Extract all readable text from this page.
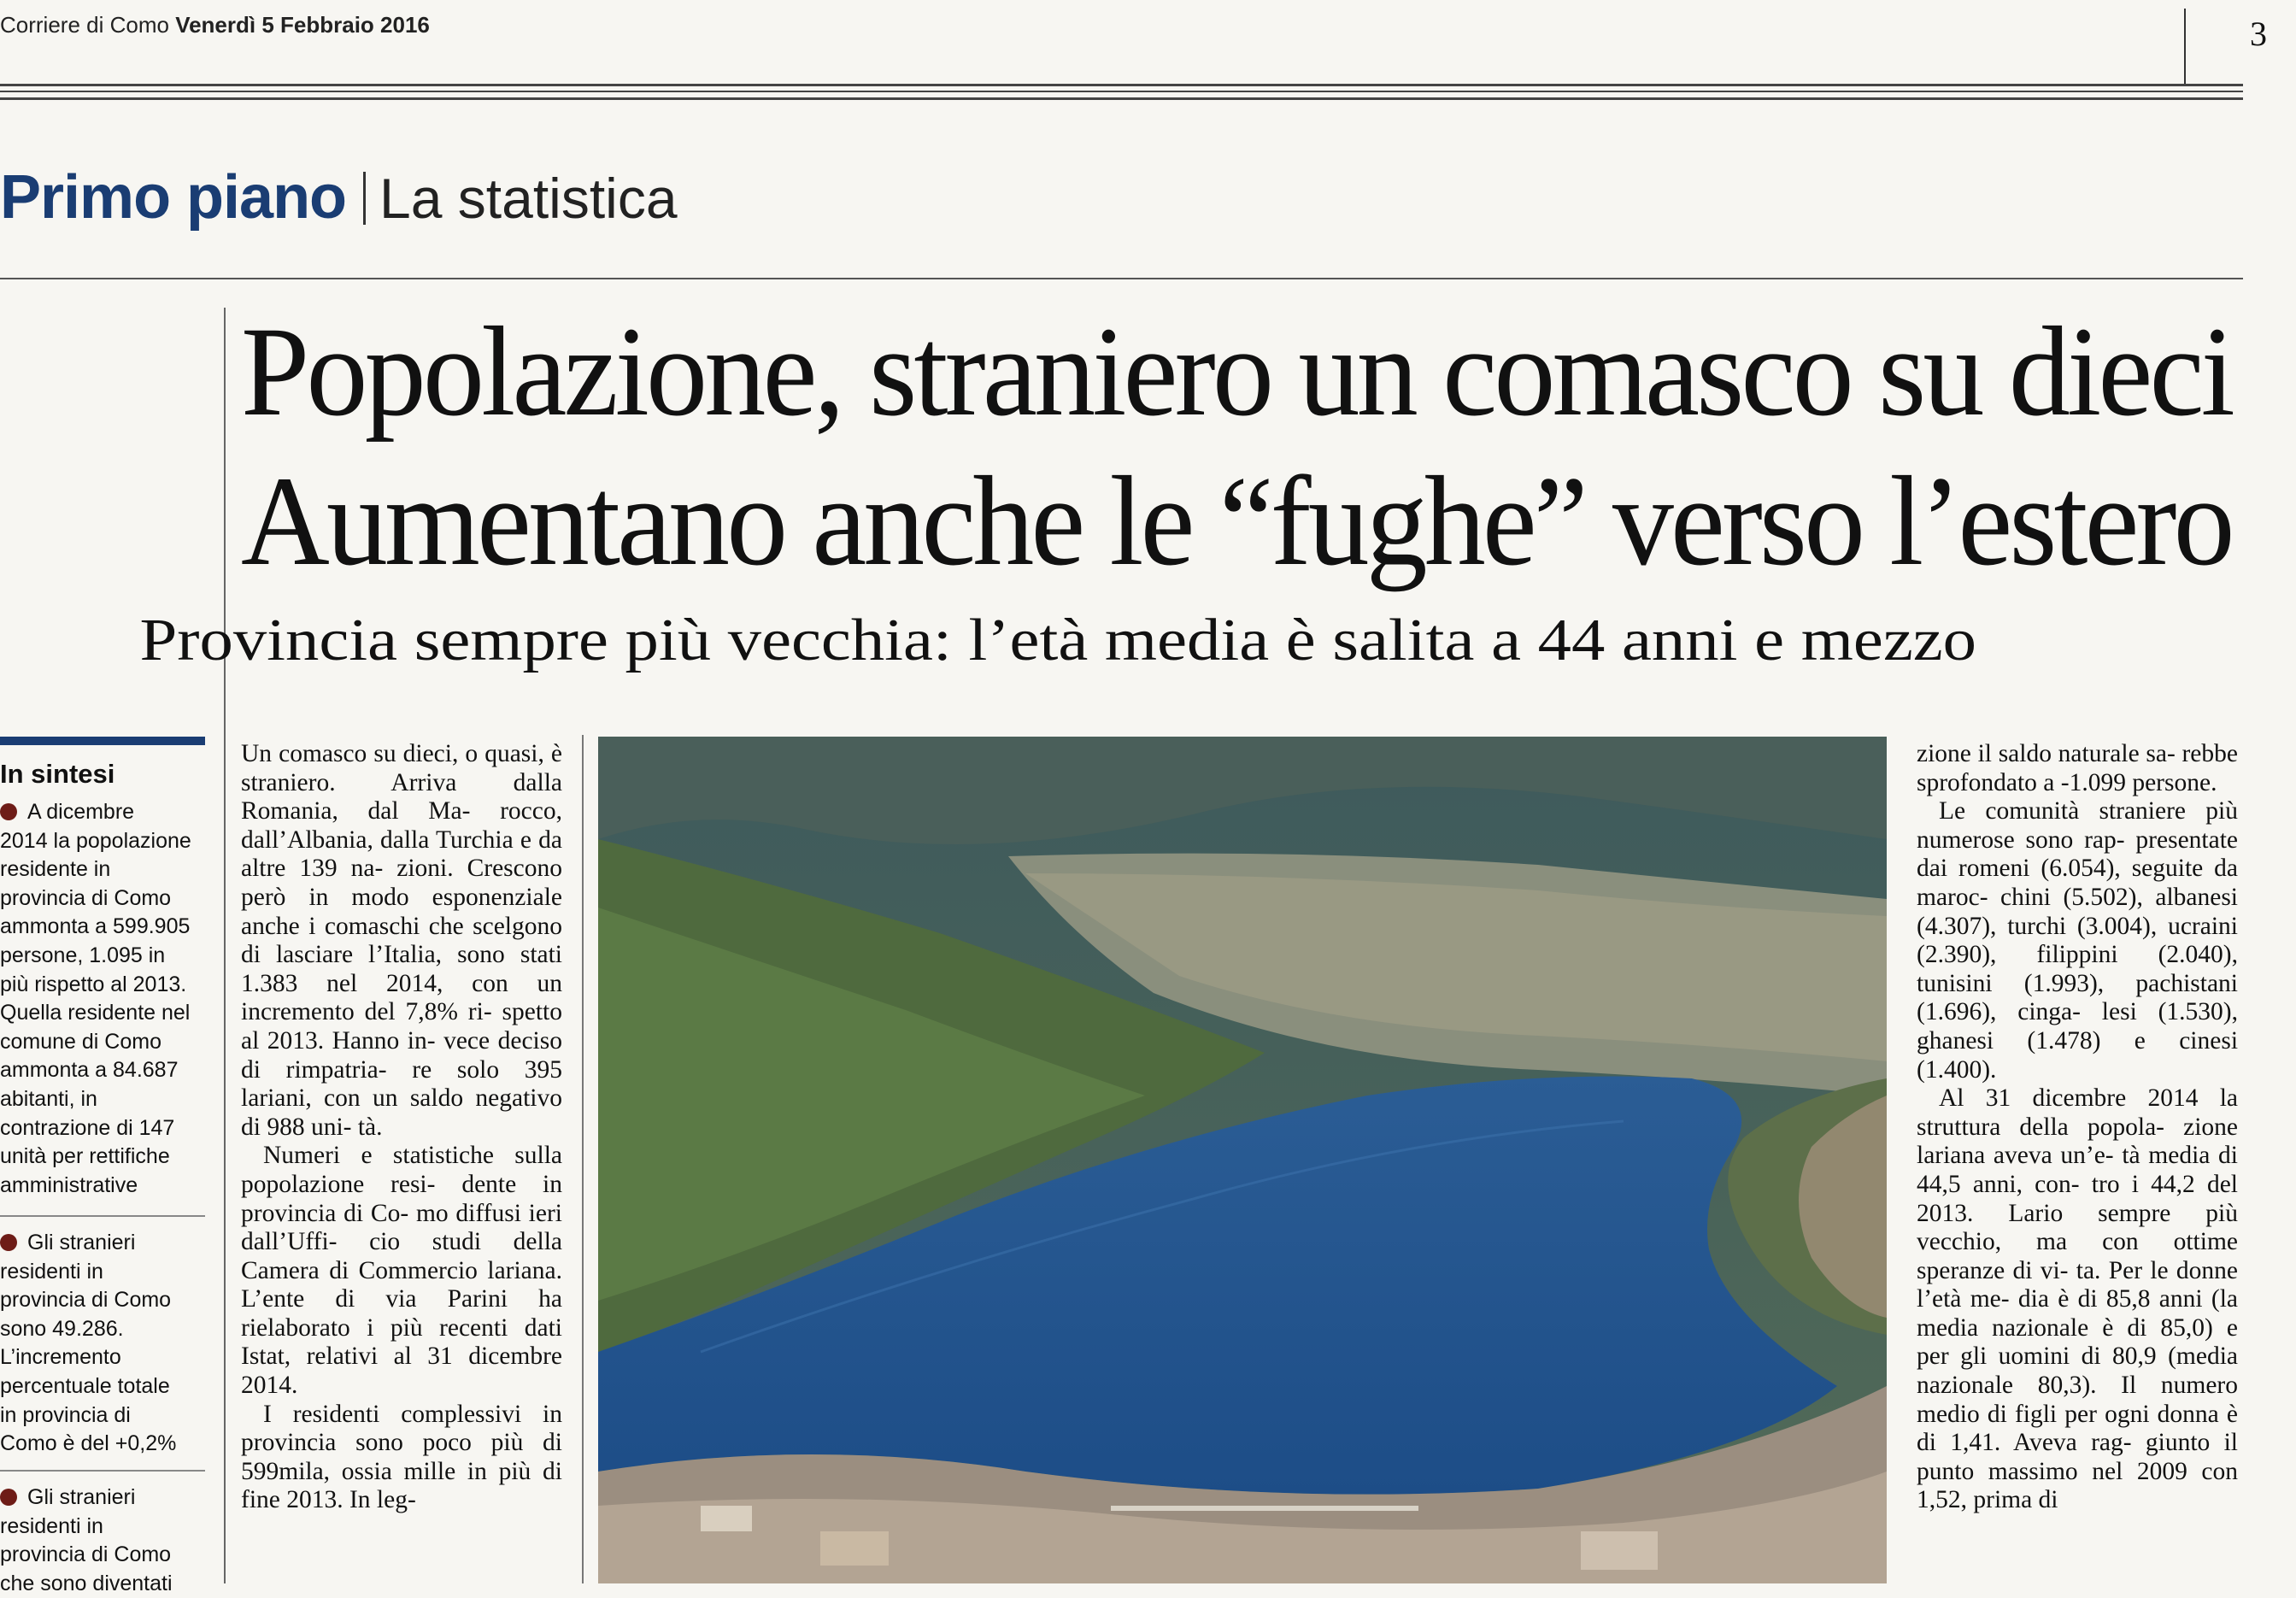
Corriere di Como Venerdì 5 Febbraio 2016	3
Primo piano La statistica
Popolazione, straniero un comasco su dieci
Aumentano anche le “fughe” verso l’estero
Provincia sempre più vecchia: l’età media è salita a 44 anni e mezzo
In sintesi
A dicembre
2014 la popolazione
residente in
provincia di Como
ammonta a 599.905
persone, 1.095 in
più rispetto al 2013.
Quella residente nel
comune di Como
ammonta a 84.687
abitanti, in
contrazione di 147
unità per rettifiche
amministrative
Gli stranieri
residenti in
provincia di Como
sono 49.286.
L’incremento
percentuale totale
in provincia di
Como è del +0,2%
Gli stranieri
residenti in
provincia di Como
che sono diventati

Un comasco su dieci, o quasi, è straniero. Arriva dalla Romania, dal Ma- rocco, dall’Albania, dalla Turchia e da altre 139 na- zioni. Crescono però in modo esponenziale anche i comaschi che scelgono di lasciare l’Italia, sono stati 1.383 nel 2014, con un incremento del 7,8% ri- spetto al 2013. Hanno in- vece deciso di rimpatria- re solo 395 lariani, con un saldo negativo di 988 uni- tà.

Numeri e statistiche sulla popolazione resi- dente in provincia di Co- mo diffusi ieri dall’Uffi- cio studi della Camera di Commercio lariana. L’ente di via Parini ha rielaborato i più recenti dati Istat, relativi al 31 dicembre 2014.

I residenti complessivi in provincia sono poco più di 599mila, ossia mille in più di fine 2013. In leg-

zione il saldo naturale sa- rebbe sprofondato a -1.099 persone.

Le comunità straniere più numerose sono rap- presentate dai romeni (6.054), seguite da maroc- chini (5.502), albanesi (4.307), turchi (3.004), ucraini (2.390), filippini (2.040), tunisini (1.993), pachistani (1.696), cinga- lesi (1.530), ghanesi (1.478) e cinesi (1.400).

Al 31 dicembre 2014 la struttura della popola- zione lariana aveva un’e- tà media di 44,5 anni, con- tro i 44,2 del 2013. Lario sempre più vecchio, ma con ottime speranze di vi- ta. Per le donne l’età me- dia è di 85,8 anni (la media nazionale è di 85,0) e per gli uomini di 80,9 (media nazionale 80,3). Il numero medio di figli per ogni donna è di 1,41. Aveva rag- giunto il punto massimo nel 2009 con 1,52, prima di
